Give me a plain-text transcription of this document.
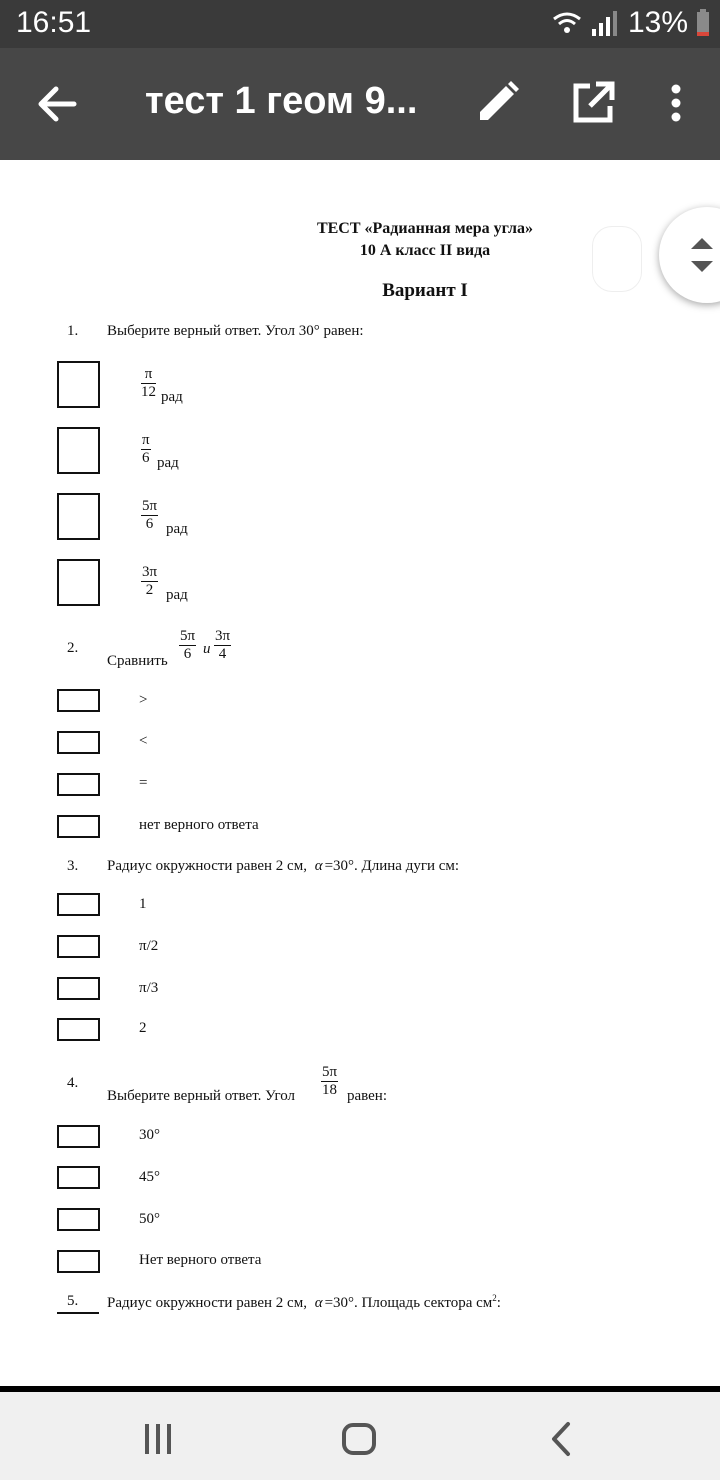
16:51	13%
тест 1 геом 9...
ТЕСТ «Радианная мера угла»
10 А класс II вида
Вариант I
1. Выберите верный ответ. Угол 30° равен:
$\frac{\pi}{12}$ рад
$\frac{\pi}{6}$ рад
$\frac{5\pi}{6}$ рад
$\frac{3\pi}{2}$ рад
2.
Сравнить $\frac{5\pi}{6}$ и $\frac{3\pi}{4}$
>
<
=
нет верного ответа
3. Радиус окружности равен 2 см, α =30°. Длина дуги см:
1
π/2
π/3
2
4.
Выберите верный ответ. Угол $\frac{5\pi}{18}$ равен:
30°
45°
50°
Нет верного ответа
5. Радиус окружности равен 2 см, α =30°. Площадь сектора $см^2$:
